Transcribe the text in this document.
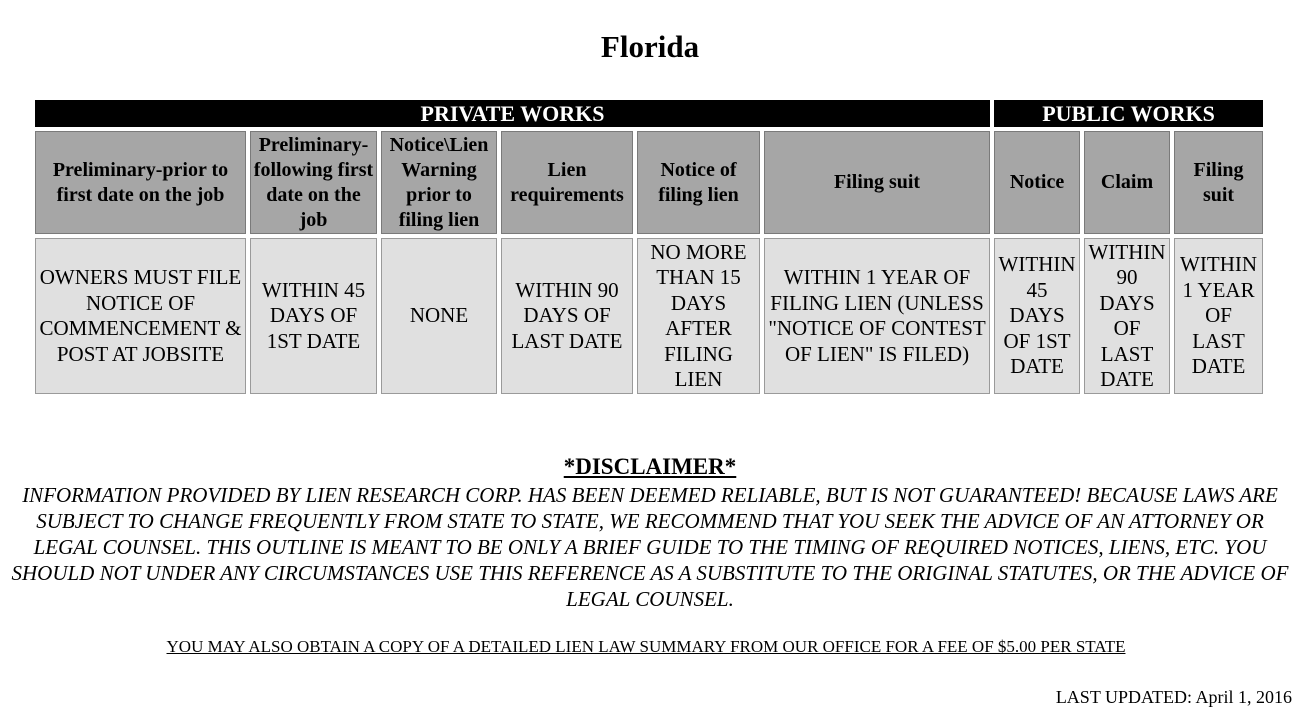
Florida
PRIVATE WORKS						PUBLIC WORKS		
Preliminary-prior to first date on the job	Preliminary-following first date on the job	Notice\Lien Warning prior to filing lien	Lien requirements	Notice of filing lien	Filing suit	Notice	Claim	Filing suit
OWNERS MUST FILE NOTICE OF COMMENCEMENT & POST AT JOBSITE	WITHIN 45 DAYS OF 1ST DATE	NONE	WITHIN 90 DAYS OF LAST DATE	NO MORE THAN 15 DAYS AFTER FILING LIEN	WITHIN 1 YEAR OF FILING LIEN (UNLESS "NOTICE OF CONTEST OF LIEN" IS FILED)	WITHIN 45 DAYS OF 1ST DATE	WITHIN 90 DAYS OF LAST DATE	WITHIN 1 YEAR OF LAST DATE

*DISCLAIMER*

INFORMATION PROVIDED BY LIEN RESEARCH CORP. HAS BEEN DEEMED RELIABLE, BUT IS NOT GUARANTEED! BECAUSE LAWS ARE SUBJECT TO CHANGE FREQUENTLY FROM STATE TO STATE, WE RECOMMEND THAT YOU SEEK THE ADVICE OF AN ATTORNEY OR LEGAL COUNSEL. THIS OUTLINE IS MEANT TO BE ONLY A BRIEF GUIDE TO THE TIMING OF REQUIRED NOTICES, LIENS, ETC. YOU SHOULD NOT UNDER ANY CIRCUMSTANCES USE THIS REFERENCE AS A SUBSTITUTE TO THE ORIGINAL STATUTES, OR THE ADVICE OF LEGAL COUNSEL.

YOU MAY ALSO OBTAIN A COPY OF A DETAILED LIEN LAW SUMMARY FROM OUR OFFICE FOR A FEE OF $5.00 PER STATE

LAST UPDATED: April 1, 2016
